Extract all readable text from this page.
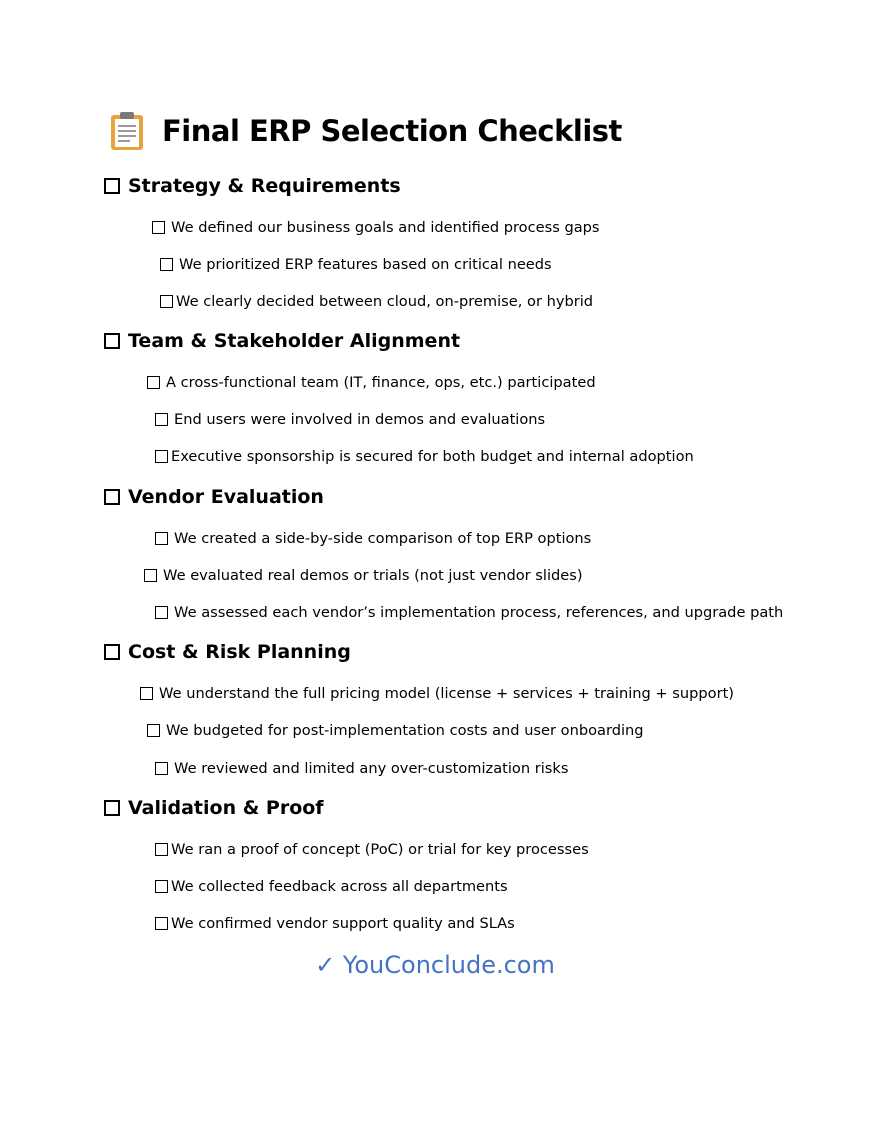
Final ERP Selection Checklist
Strategy & Requirements
We defined our business goals and identified process gaps
We prioritized ERP features based on critical needs
We clearly decided between cloud, on-premise, or hybrid
Team & Stakeholder Alignment
A cross-functional team (IT, finance, ops, etc.) participated
End users were involved in demos and evaluations
Executive sponsorship is secured for both budget and internal adoption
Vendor Evaluation
We created a side-by-side comparison of top ERP options
We evaluated real demos or trials (not just vendor slides)
We assessed each vendor’s implementation process, references, and upgrade path
Cost & Risk Planning
We understand the full pricing model (license + services + training + support)
We budgeted for post-implementation costs and user onboarding
We reviewed and limited any over-customization risks
Validation & Proof
We ran a proof of concept (PoC) or trial for key processes
We collected feedback across all departments
We confirmed vendor support quality and SLAs
✓ YouConclude.com
